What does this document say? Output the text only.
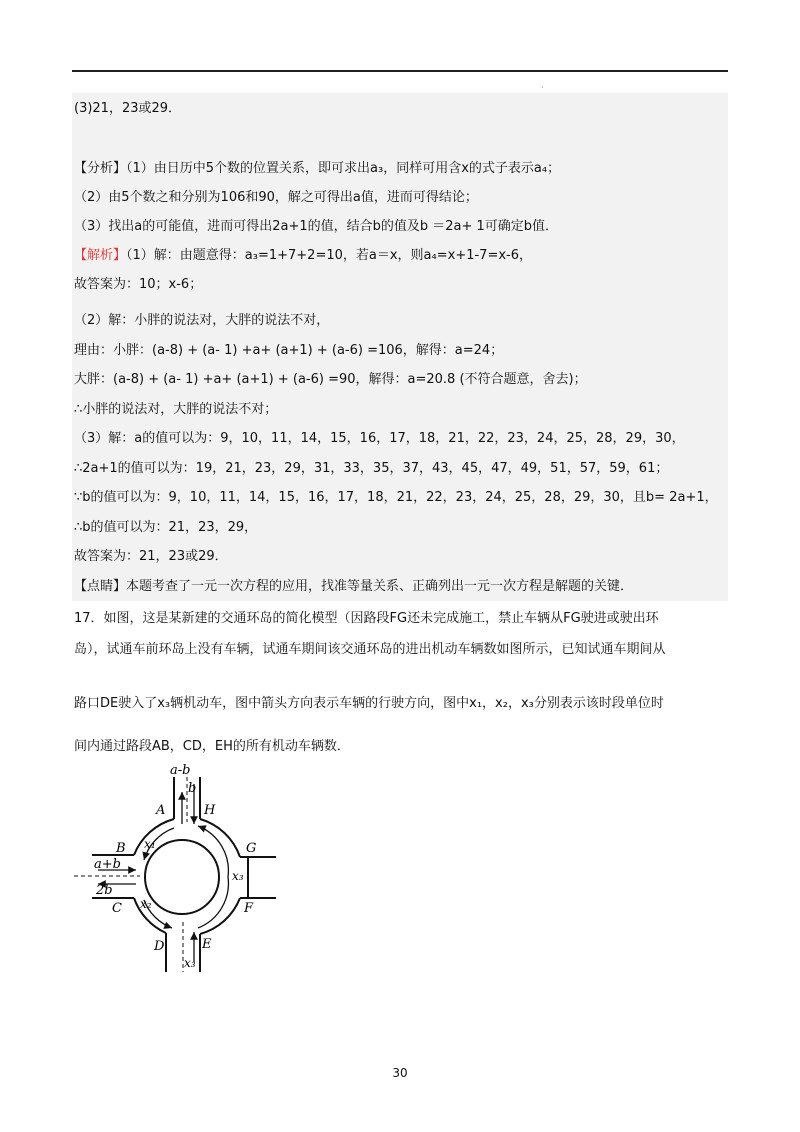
·
(3)21，23或29．
【分析】（1）由日历中5个数的位置关系，即可求出a₃，同样可用含x的式子表示a₄；
（2）由5个数之和分别为106和90，解之可得出a值，进而可得结论；
（3）找出a的可能值，进而可得出2a+1的值，结合b的值及b ＝2a+ 1可确定b值．
【解析】（1）解：由题意得：a₃=1+7+2=10，若a＝x，则a₄=x+1-7=x-6，
故答案为：10；x-6；
（2）解：小胖的说法对，大胖的说法不对，
理由：小胖：(a-8) + (a- 1) +a+ (a+1) + (a-6) =106，解得：a=24；
大胖：(a-8) + (a- 1) +a+ (a+1) + (a-6) =90，解得：a=20.8 (不符合题意，舍去)；
∴小胖的说法对，大胖的说法不对；
（3）解：a的值可以为：9，10，11，14，15，16，17，18，21，22，23，24，25，28，29，30，
∴2a+1的值可以为：19，21，23，29，31，33，35，37，43，45，47，49，51，57，59，61；
∵b的值可以为：9，10，11，14，15，16，17，18，21，22，23，24，25，28，29，30，且b= 2a+1，
∴b的值可以为：21，23，29，
故答案为：21，23或29．
【点睛】本题考查了一元一次方程的应用，找准等量关系、正确列出一元一次方程是解题的关键．
17．如图，这是某新建的交通环岛的简化模型（因路段FG还未完成施工，禁止车辆从FG驶进或驶出环
岛），试通车前环岛上没有车辆，试通车期间该交通环岛的进出机动车辆数如图所示，已知试通车期间从
路口DE驶入了x₃辆机动车，图中箭头方向表示车辆的行驶方向，图中x₁，x₂，x₃分别表示该时段单位时
间内通过路段AB，CD，EH的所有机动车辆数．
a-b
b
A	H
B x₁	G
x₃
a+b
2b
C x₂	F
D	E
x₃
30
